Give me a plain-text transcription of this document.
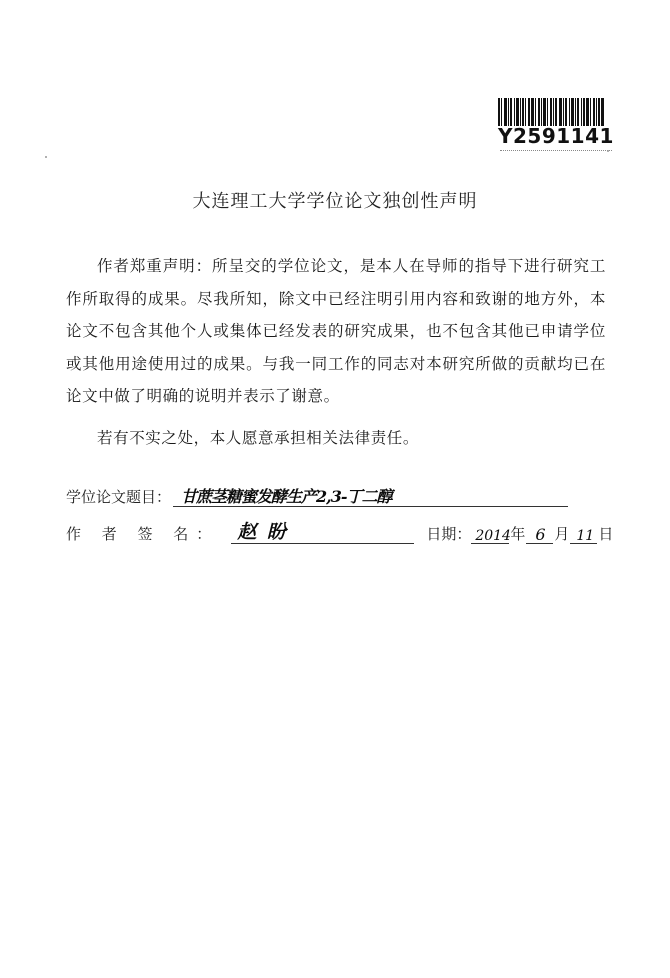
Y2591141
大连理工大学学位论文独创性声明

作者郑重声明：所呈交的学位论文，是本人在导师的指导下进行研究工作所取得的成果。尽我所知，除文中已经注明引用内容和致谢的地方外，本论文不包含其他个人或集体已经发表的研究成果，也不包含其他已申请学位或其他用途使用过的成果。与我一同工作的同志对本研究所做的贡献均已在论文中做了明确的说明并表示了谢意。

若有不实之处，本人愿意承担相关法律责任。

学位论文题目： 甘蔗茎糖蜜发酵生产2,3-丁二醇
作 者 签 名： 赵 盼	日期： 2014 年 6 月 11 日
